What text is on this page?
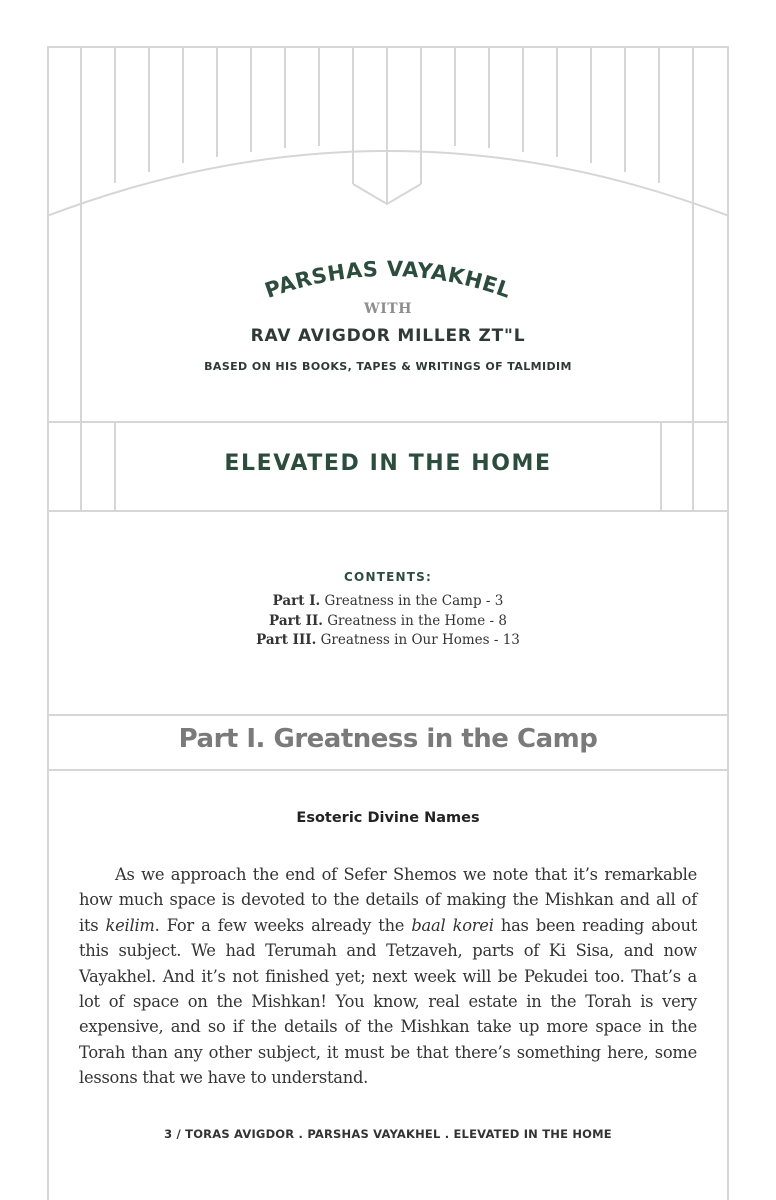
PARSHAS VAYAKHEL
WITH
RAV AVIGDOR MILLER ZT"L
BASED ON HIS BOOKS, TAPES & WRITINGS OF TALMIDIM
ELEVATED IN THE HOME
CONTENTS:
Part I. Greatness in the Camp - 3
Part II. Greatness in the Home - 8
Part III. Greatness in Our Homes - 13
Part I. Greatness in the Camp
Esoteric Divine Names

As we approach the end of Sefer Shemos we note that it’s remarkable how much space is devoted to the details of making the Mishkan and all of its keilim. For a few weeks already the baal korei has been reading about this subject. We had Terumah and Tetzaveh, parts of Ki Sisa, and now Vayakhel. And it’s not finished yet; next week will be Pekudei too. That’s a lot of space on the Mishkan! You know, real estate in the Torah is very expensive, and so if the details of the Mishkan take up more space in the Torah than any other subject, it must be that there’s something here, some lessons that we have to understand.

3 / TORAS AVIGDOR . PARSHAS VAYAKHEL . ELEVATED IN THE HOME
